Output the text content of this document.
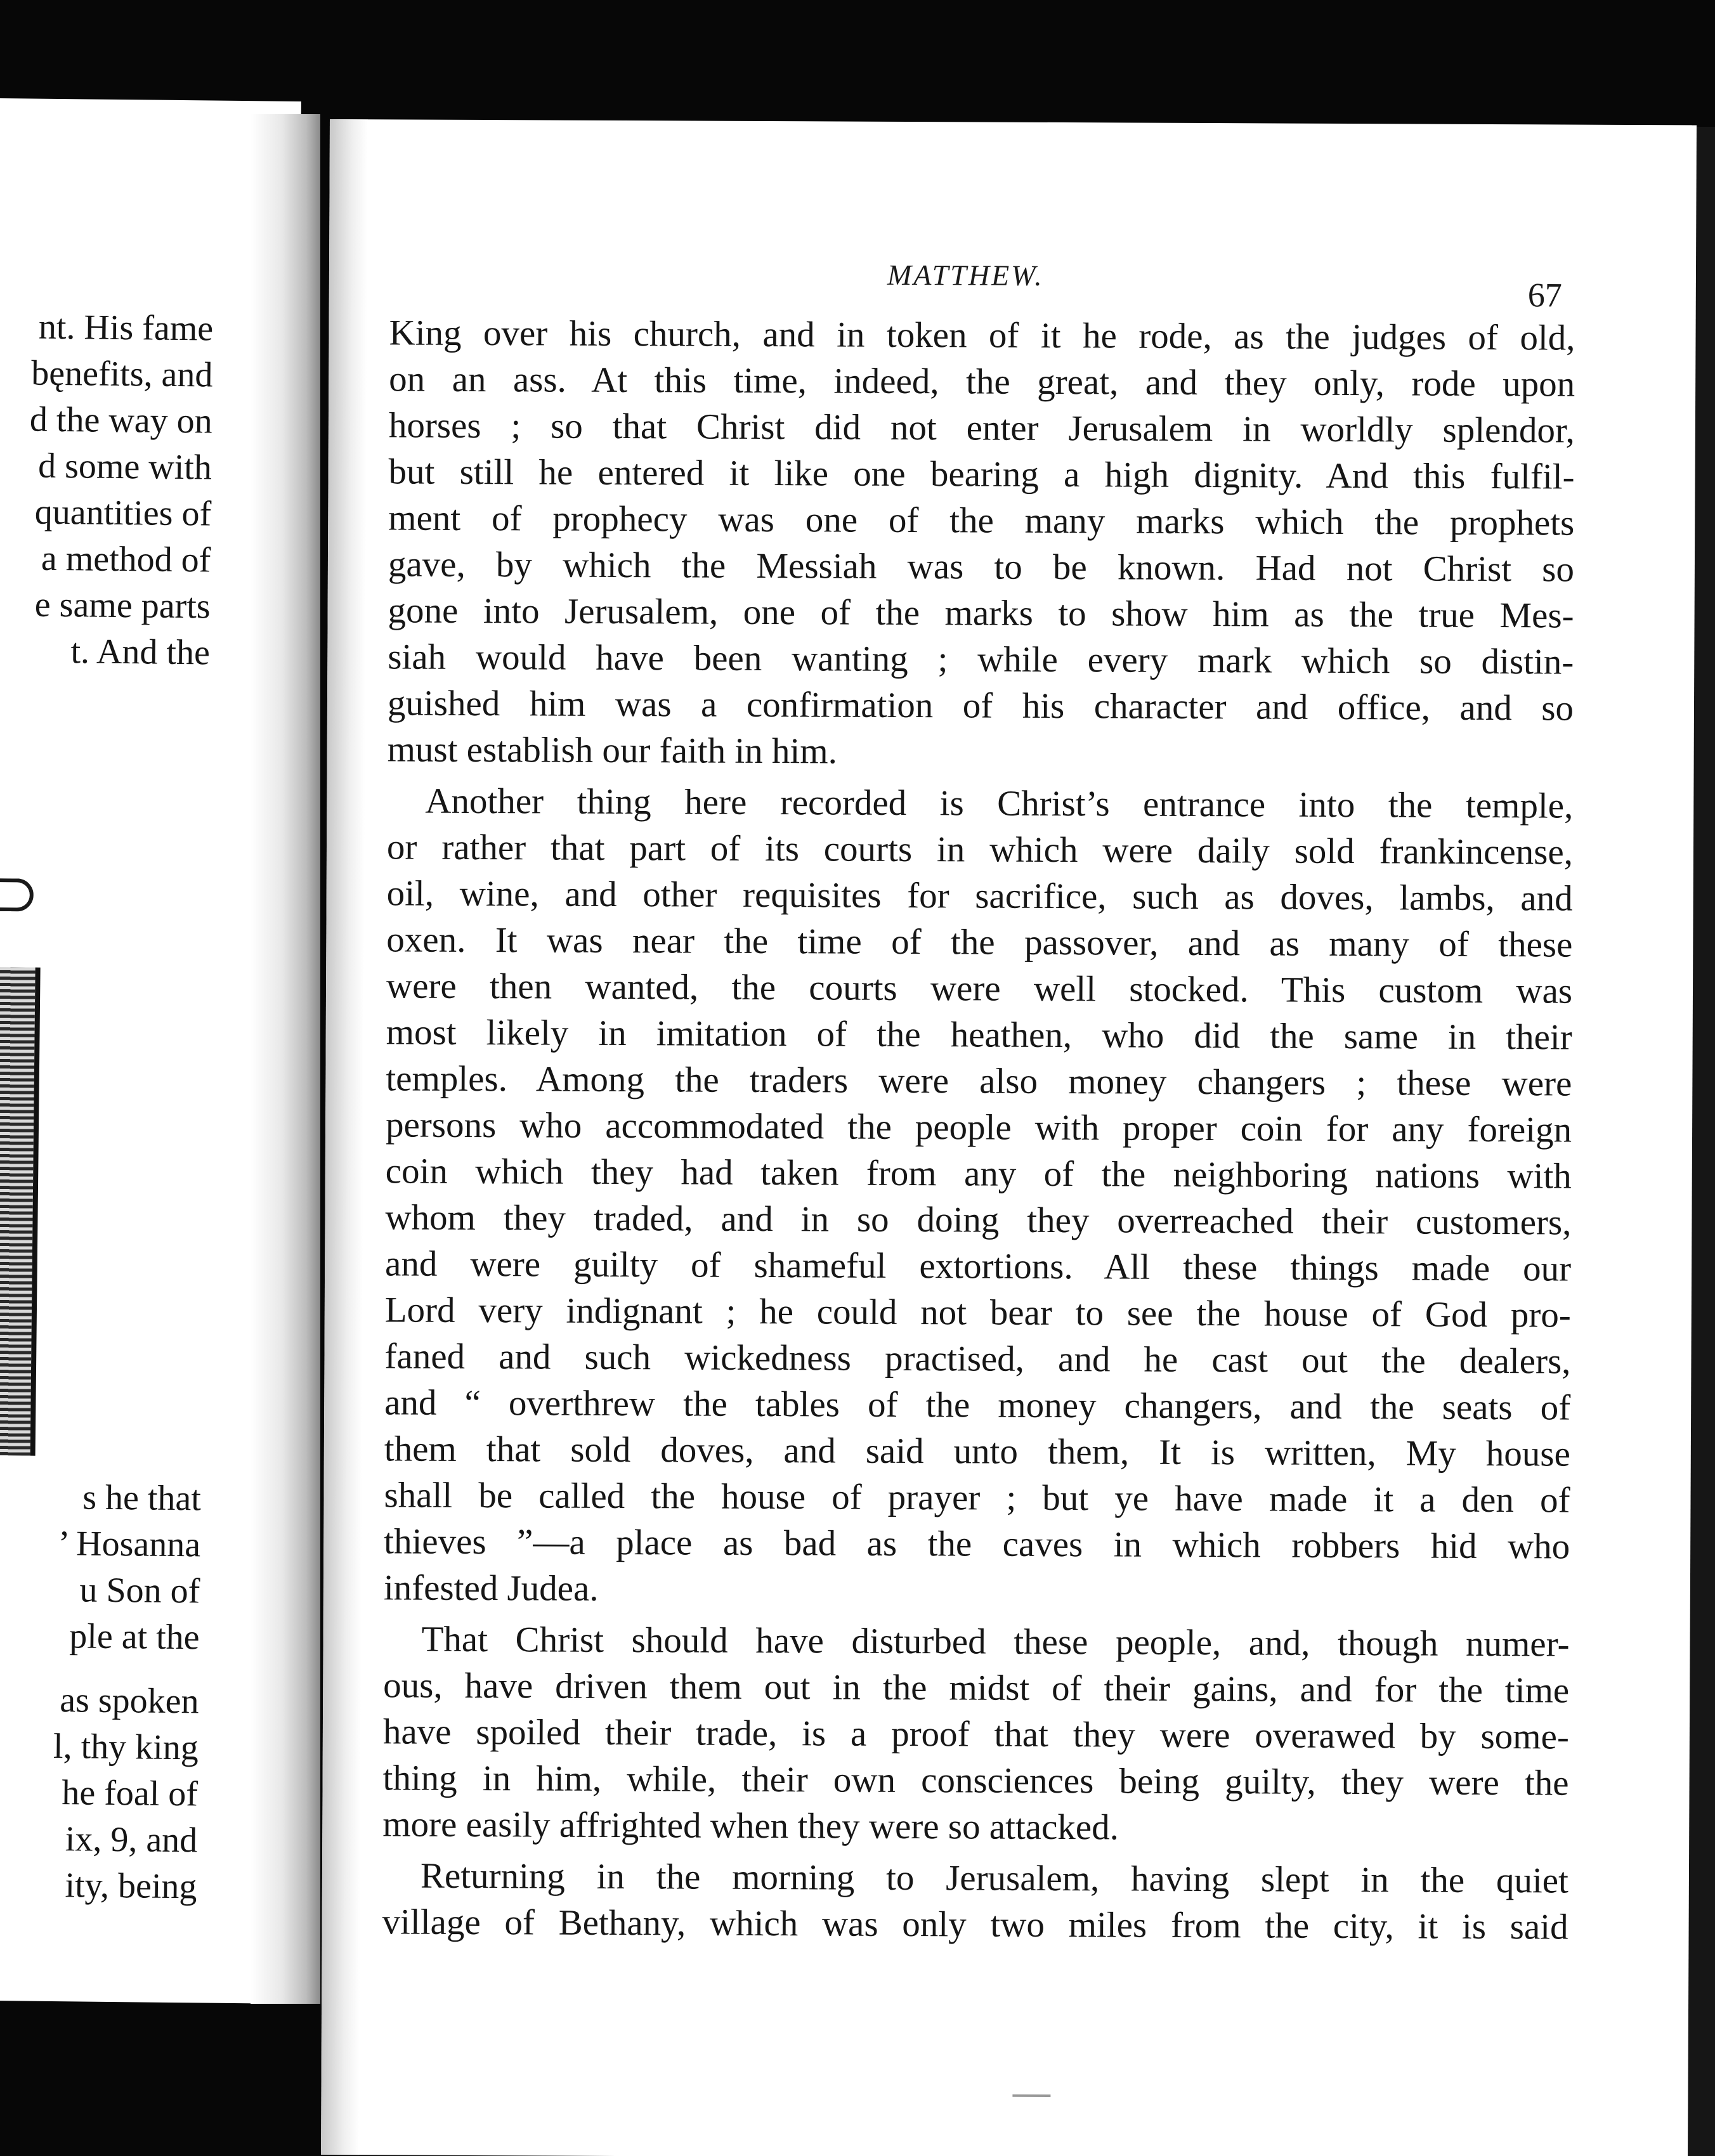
nt. His fame

bęnefits, and

d the way on

d some with

quantities of

a method of

e same parts

t. And the

s he that

’ Hosanna

u Son of

ple at the

as spoken

l, thy king

he foal of

ix, 9, and

ity, being

MATTHEW.

67

King over his church, and in token of it he rode, as the judges of old,

on an ass. At this time, indeed, the great, and they only, rode upon

horses ; so that Christ did not enter Jerusalem in worldly splendor,

but still he entered it like one bearing a high dignity. And this fulfil-

ment of prophecy was one of the many marks which the prophets

gave, by which the Messiah was to be known. Had not Christ so

gone into Jerusalem, one of the marks to show him as the true Mes-

siah would have been wanting ; while every mark which so distin-

guished him was a confirmation of his character and office, and so

must establish our faith in him.

Another thing here recorded is Christ’s entrance into the temple,

or rather that part of its courts in which were daily sold frankincense,

oil, wine, and other requisites for sacrifice, such as doves, lambs, and

oxen. It was near the time of the passover, and as many of these

were then wanted, the courts were well stocked. This custom was

most likely in imitation of the heathen, who did the same in their

temples. Among the traders were also money changers ; these were

persons who accommodated the people with proper coin for any foreign

coin which they had taken from any of the neighboring nations with

whom they traded, and in so doing they overreached their customers,

and were guilty of shameful extortions. All these things made our

Lord very indignant ; he could not bear to see the house of God pro-

faned and such wickedness practised, and he cast out the dealers,

and “ overthrew the tables of the money changers, and the seats of

them that sold doves, and said unto them, It is written, My house

shall be called the house of prayer ; but ye have made it a den of

thieves ”—a place as bad as the caves in which robbers hid who

infested Judea.

That Christ should have disturbed these people, and, though numer-

ous, have driven them out in the midst of their gains, and for the time

have spoiled their trade, is a proof that they were overawed by some-

thing in him, while, their own consciences being guilty, they were the

more easily affrighted when they were so attacked.

Returning in the morning to Jerusalem, having slept in the quiet

village of Bethany, which was only two miles from the city, it is said
